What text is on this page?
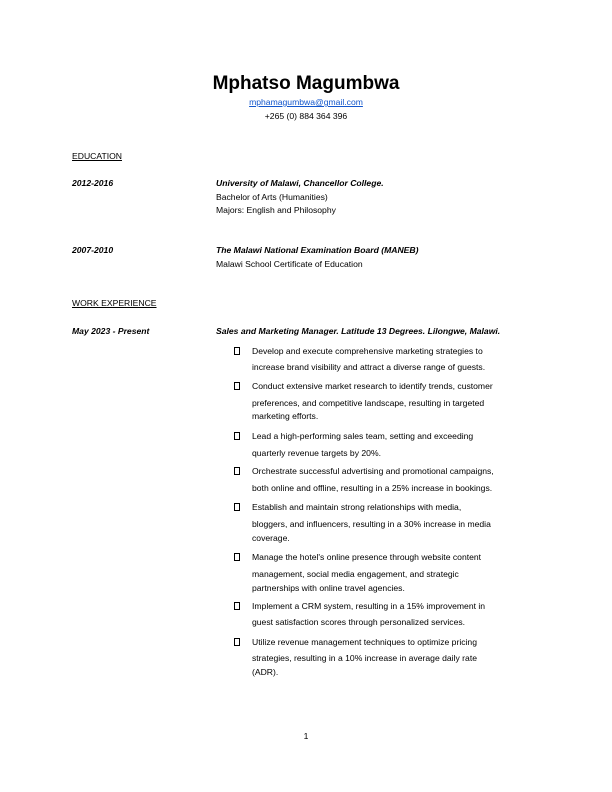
Mphatso Magumbwa
mphamagumbwa@gmail.com
+265 (0) 884 364 396
EDUCATION
2012-2016	University of Malawi, Chancellor College.
Bachelor of Arts (Humanities)
Majors: English and Philosophy
2007-2010	The Malawi National Examination Board (MANEB)
Malawi School Certificate of Education
WORK EXPERIENCE
May 2023 - Present	Sales and Marketing Manager. Latitude 13 Degrees. Lilongwe, Malawi.
Develop and execute comprehensive marketing strategies to
increase brand visibility and attract a diverse range of guests.
Conduct extensive market research to identify trends, customer
preferences, and competitive landscape, resulting in targeted
marketing efforts.
Lead a high-performing sales team, setting and exceeding
quarterly revenue targets by 20%.
Orchestrate successful advertising and promotional campaigns,
both online and offline, resulting in a 25% increase in bookings.
Establish and maintain strong relationships with media,
bloggers, and influencers, resulting in a 30% increase in media
coverage.
Manage the hotel's online presence through website content
management, social media engagement, and strategic
partnerships with online travel agencies.
Implement a CRM system, resulting in a 15% improvement in
guest satisfaction scores through personalized services.
Utilize revenue management techniques to optimize pricing
strategies, resulting in a 10% increase in average daily rate
(ADR).
1
